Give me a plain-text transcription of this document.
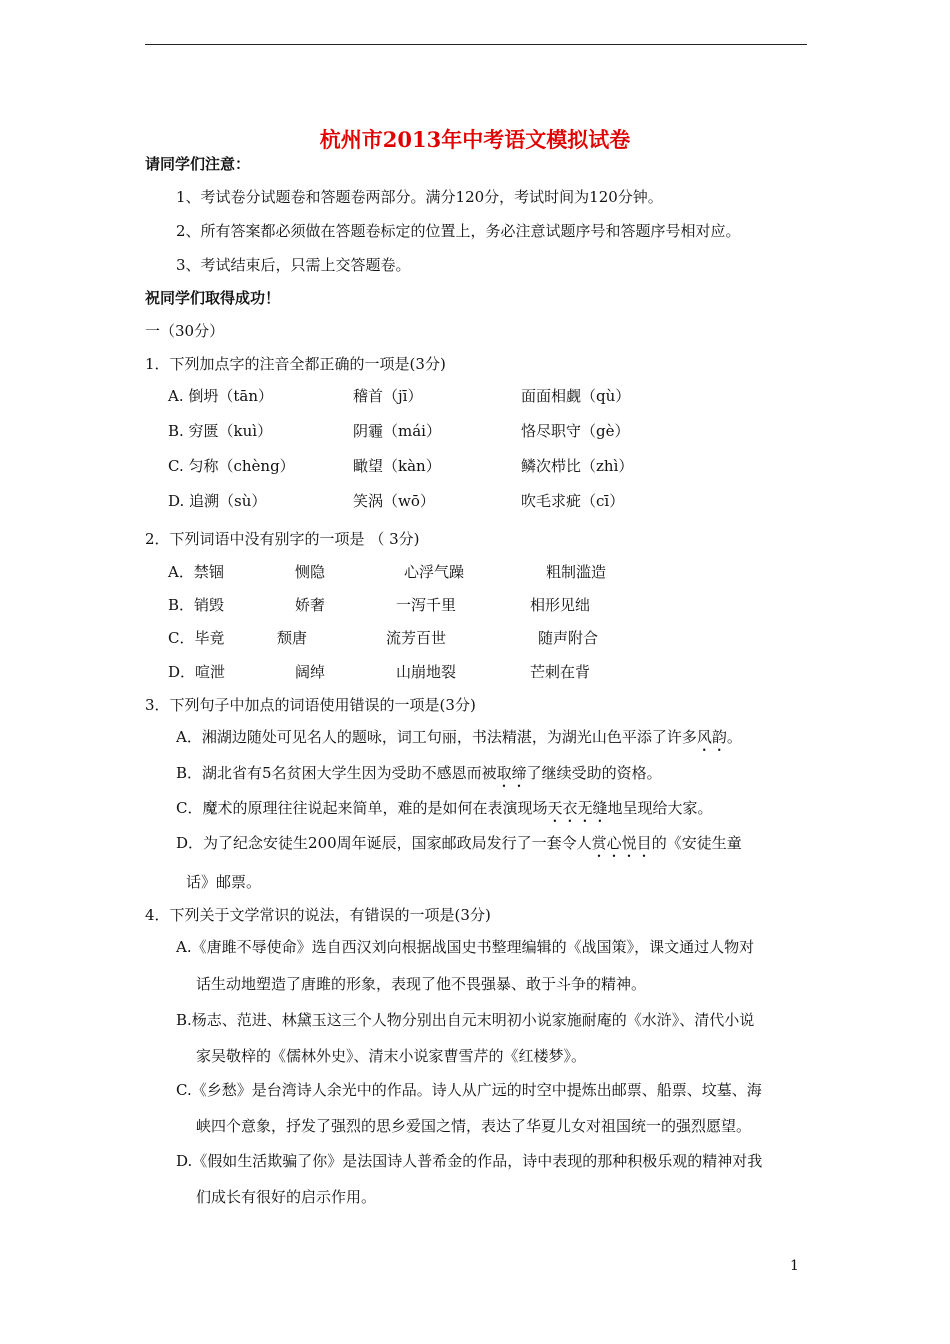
杭州市2013年中考语文模拟试卷
请同学们注意：
1、考试卷分试题卷和答题卷两部分。满分120分，考试时间为120分钟。
2、所有答案都必须做在答题卷标定的位置上，务必注意试题序号和答题序号相对应。
3、考试结束后，只需上交答题卷。
祝同学们取得成功！
一（30分）
1．下列加点字的注音全都正确的一项是(3分)
A. 倒坍（tān）	稽首（jī）	面面相觑（qù）
B. 穷匮（kuì）	阴霾（mái）	恪尽职守（gè）
C. 匀称（chèng）	瞰望（kàn）	鳞次栉比（zhì）
D. 追溯（sù）	笑涡（wō）	吹毛求疵（cī）
2．下列词语中没有别字的一项是 （ 3分)
A．禁锢	恻隐	心浮气躁	粗制滥造
B．销毁	娇奢	一泻千里	相形见绌
C．毕竟	颓唐	流芳百世	随声附合
D．喧泄	阔绰	山崩地裂	芒刺在背
3．下列句子中加点的词语使用错误的一项是(3分)
A．湘湖边随处可见名人的题咏，词工句丽，书法精湛，为湖光山色平添了许多风韵。
B．湖北省有5名贫困大学生因为受助不感恩而被取缔了继续受助的资格。
C．魔术的原理往往说起来简单，难的是如何在表演现场天衣无缝地呈现给大家。
D．为了纪念安徒生200周年诞辰，国家邮政局发行了一套令人赏心悦目的《安徒生童
话》邮票。
4．下列关于文学常识的说法，有错误的一项是(3分)
A.《唐雎不辱使命》选自西汉刘向根据战国史书整理编辑的《战国策》，课文通过人物对
话生动地塑造了唐雎的形象，表现了他不畏强暴、敢于斗争的精神。
B.杨志、范进、林黛玉这三个人物分别出自元末明初小说家施耐庵的《水浒》、清代小说
家吴敬梓的《儒林外史》、清末小说家曹雪芹的《红楼梦》。
C.《乡愁》是台湾诗人余光中的作品。诗人从广远的时空中提炼出邮票、船票、坟墓、海
峡四个意象，抒发了强烈的思乡爱国之情，表达了华夏儿女对祖国统一的强烈愿望。
D.《假如生活欺骗了你》是法国诗人普希金的作品，诗中表现的那种积极乐观的精神对我
们成长有很好的启示作用。
1
